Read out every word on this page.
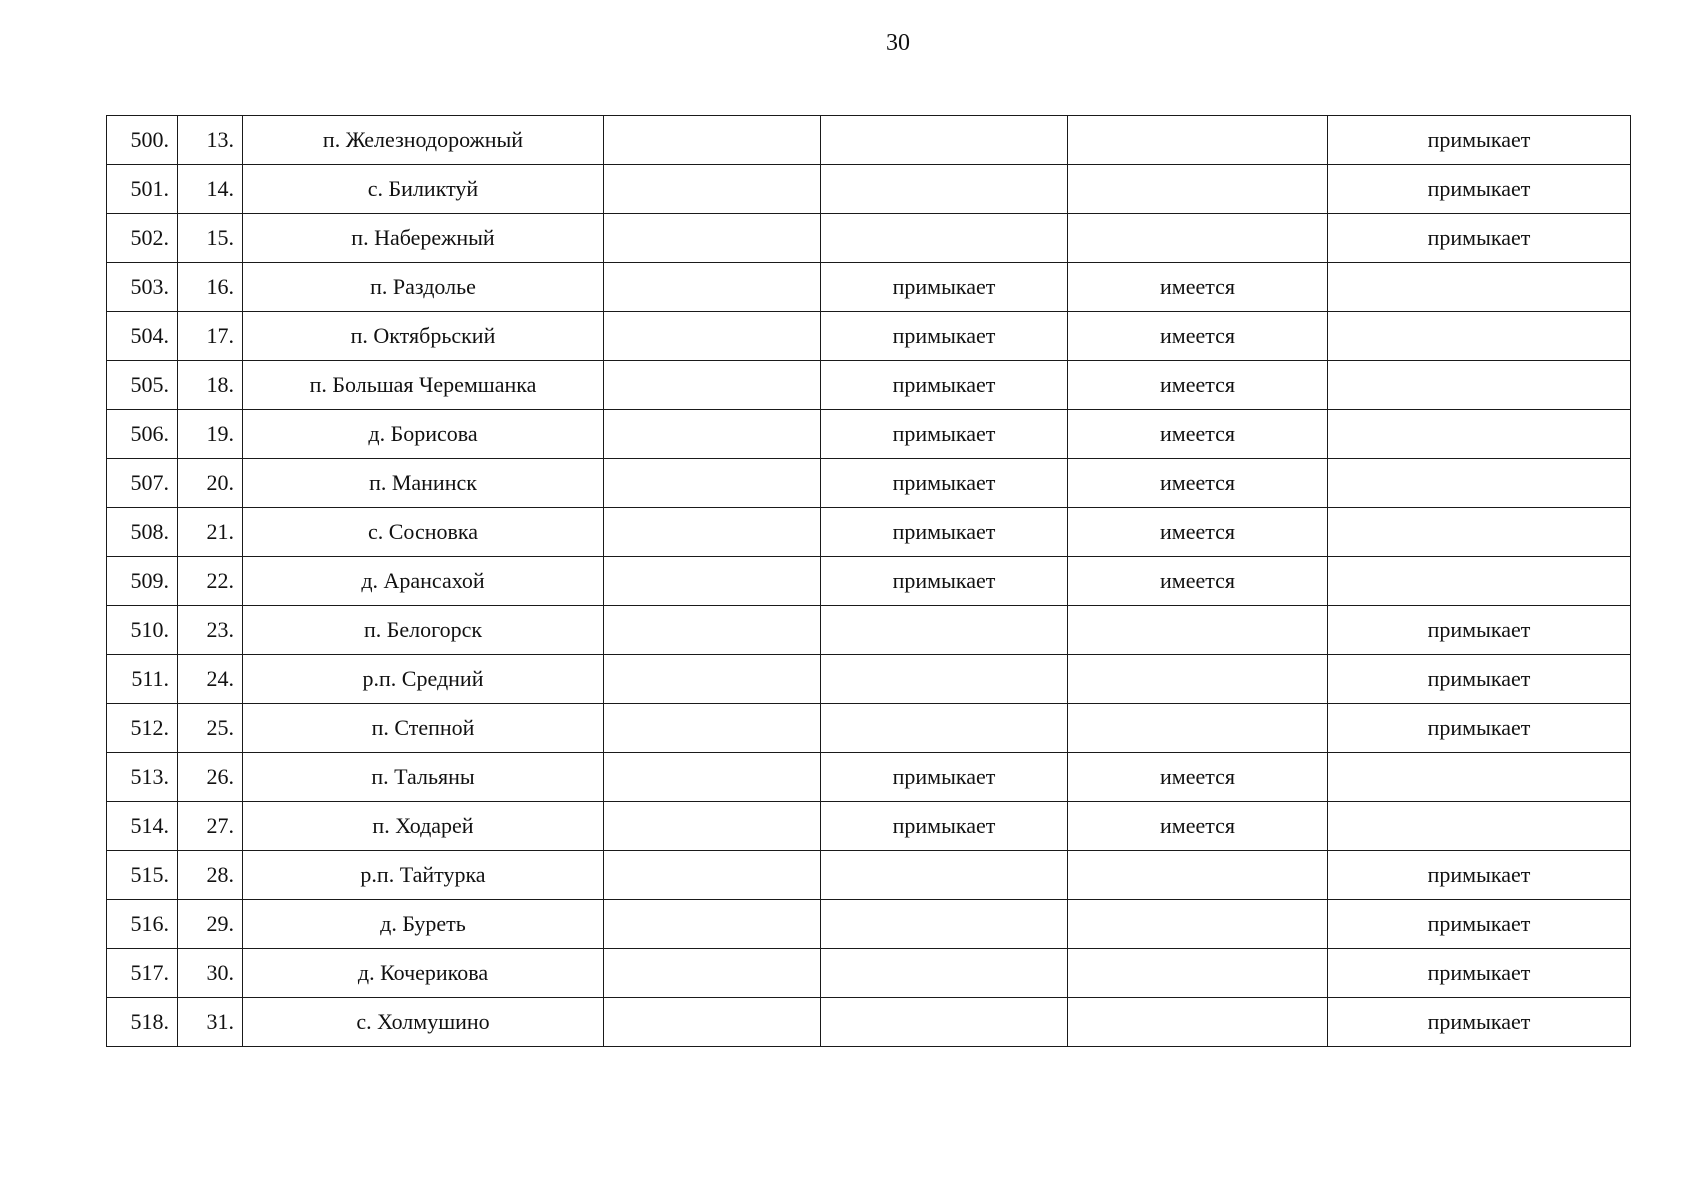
30
500.	13.	п. Железнодорожный				примыкает
501.	14.	с. Биликтуй				примыкает
502.	15.	п. Набережный				примыкает
503.	16.	п. Раздолье		примыкает	имеется	
504.	17.	п. Октябрьский		примыкает	имеется	
505.	18.	п. Большая Черемшанка		примыкает	имеется	
506.	19.	д. Борисова		примыкает	имеется	
507.	20.	п. Манинск		примыкает	имеется	
508.	21.	с. Сосновка		примыкает	имеется	
509.	22.	д. Арансахой		примыкает	имеется	
510.	23.	п. Белогорск				примыкает
511.	24.	р.п. Средний				примыкает
512.	25.	п. Степной				примыкает
513.	26.	п. Тальяны		примыкает	имеется	
514.	27.	п. Ходарей		примыкает	имеется	
515.	28.	р.п. Тайтурка				примыкает
516.	29.	д. Буреть				примыкает
517.	30.	д. Кочерикова				примыкает
518.	31.	с. Холмушино				примыкает
